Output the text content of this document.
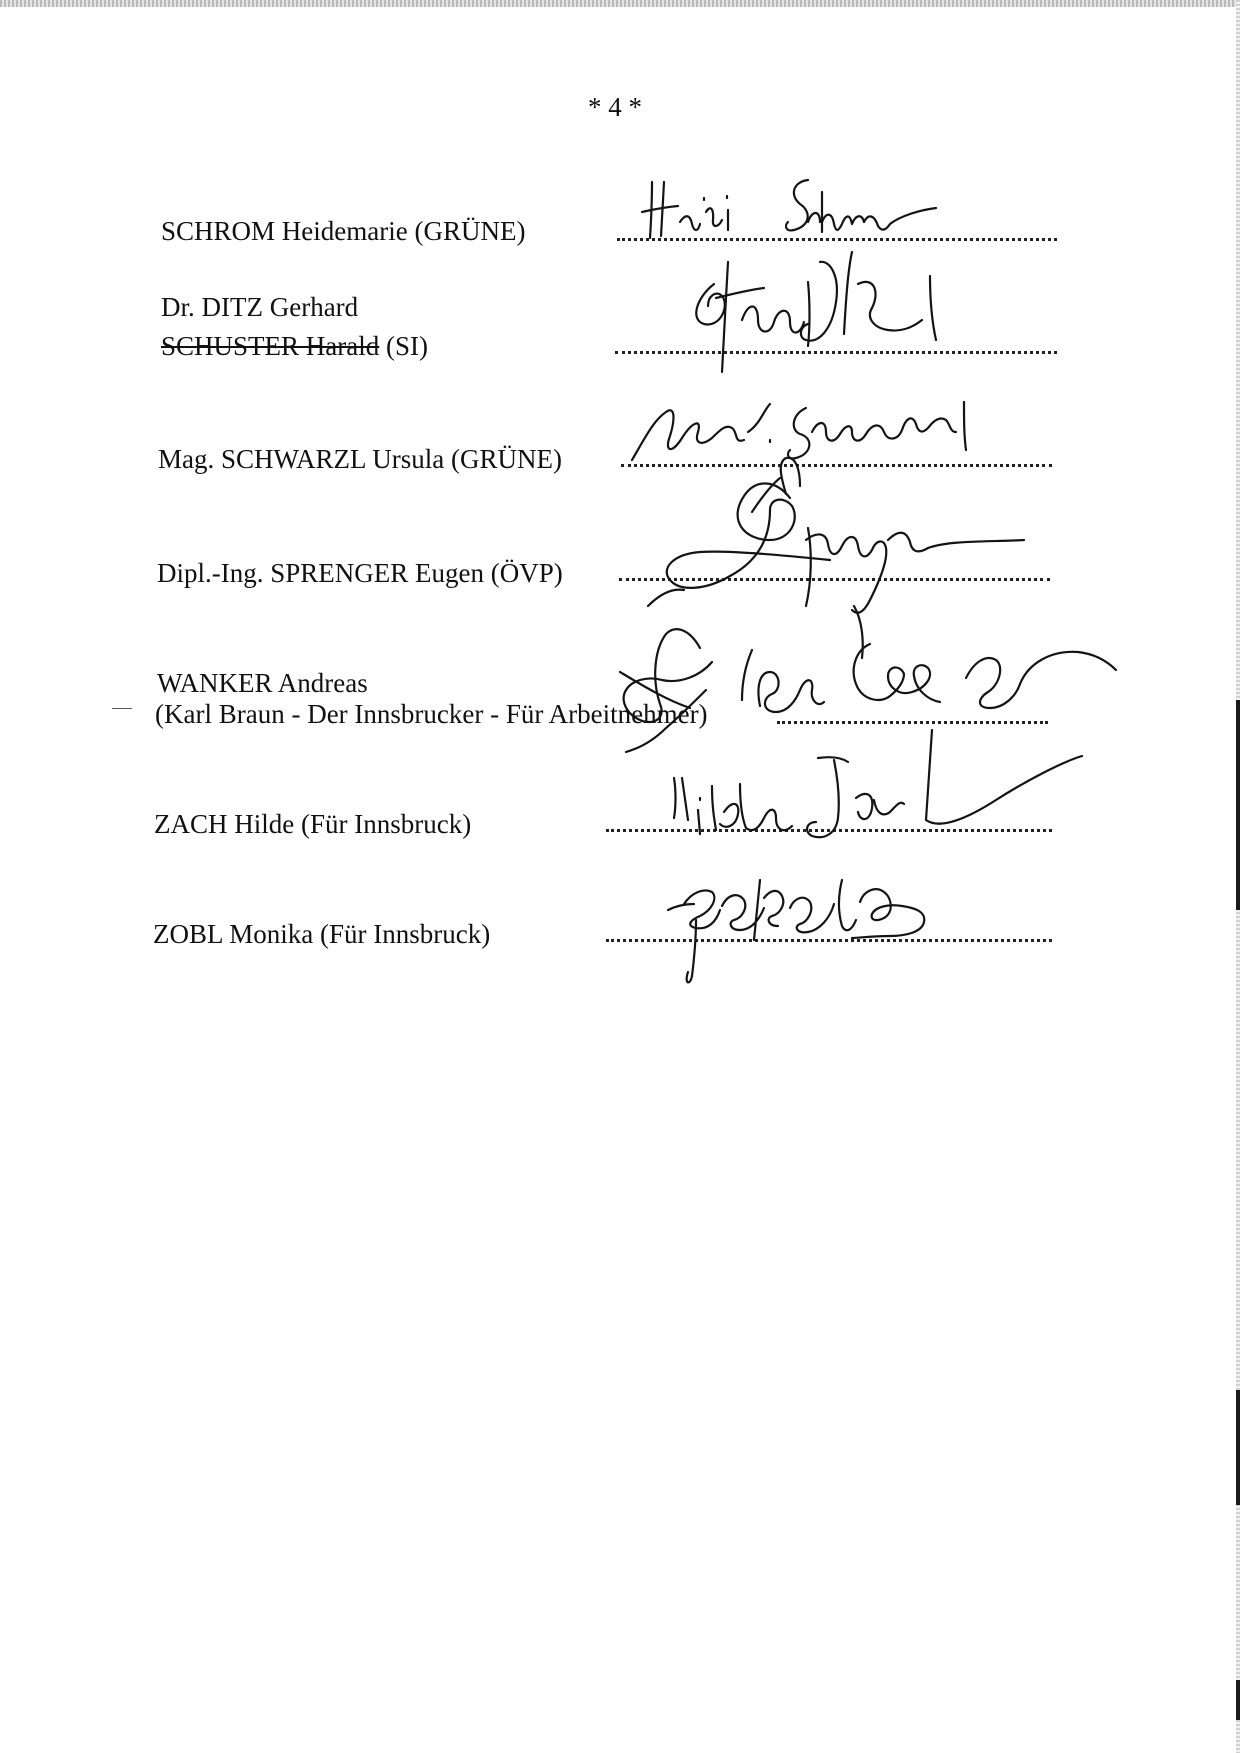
* 4 *
SCHROM Heidemarie (GRÜNE)
Dr. DITZ Gerhard
SCHUSTER Harald (SI)
Mag. SCHWARZL Ursula (GRÜNE)
Dipl.-Ing. SPRENGER Eugen (ÖVP)
WANKER Andreas
(Karl Braun - Der Innsbrucker - Für Arbeitnehmer)
ZACH Hilde (Für Innsbruck)
ZOBL Monika (Für Innsbruck)
